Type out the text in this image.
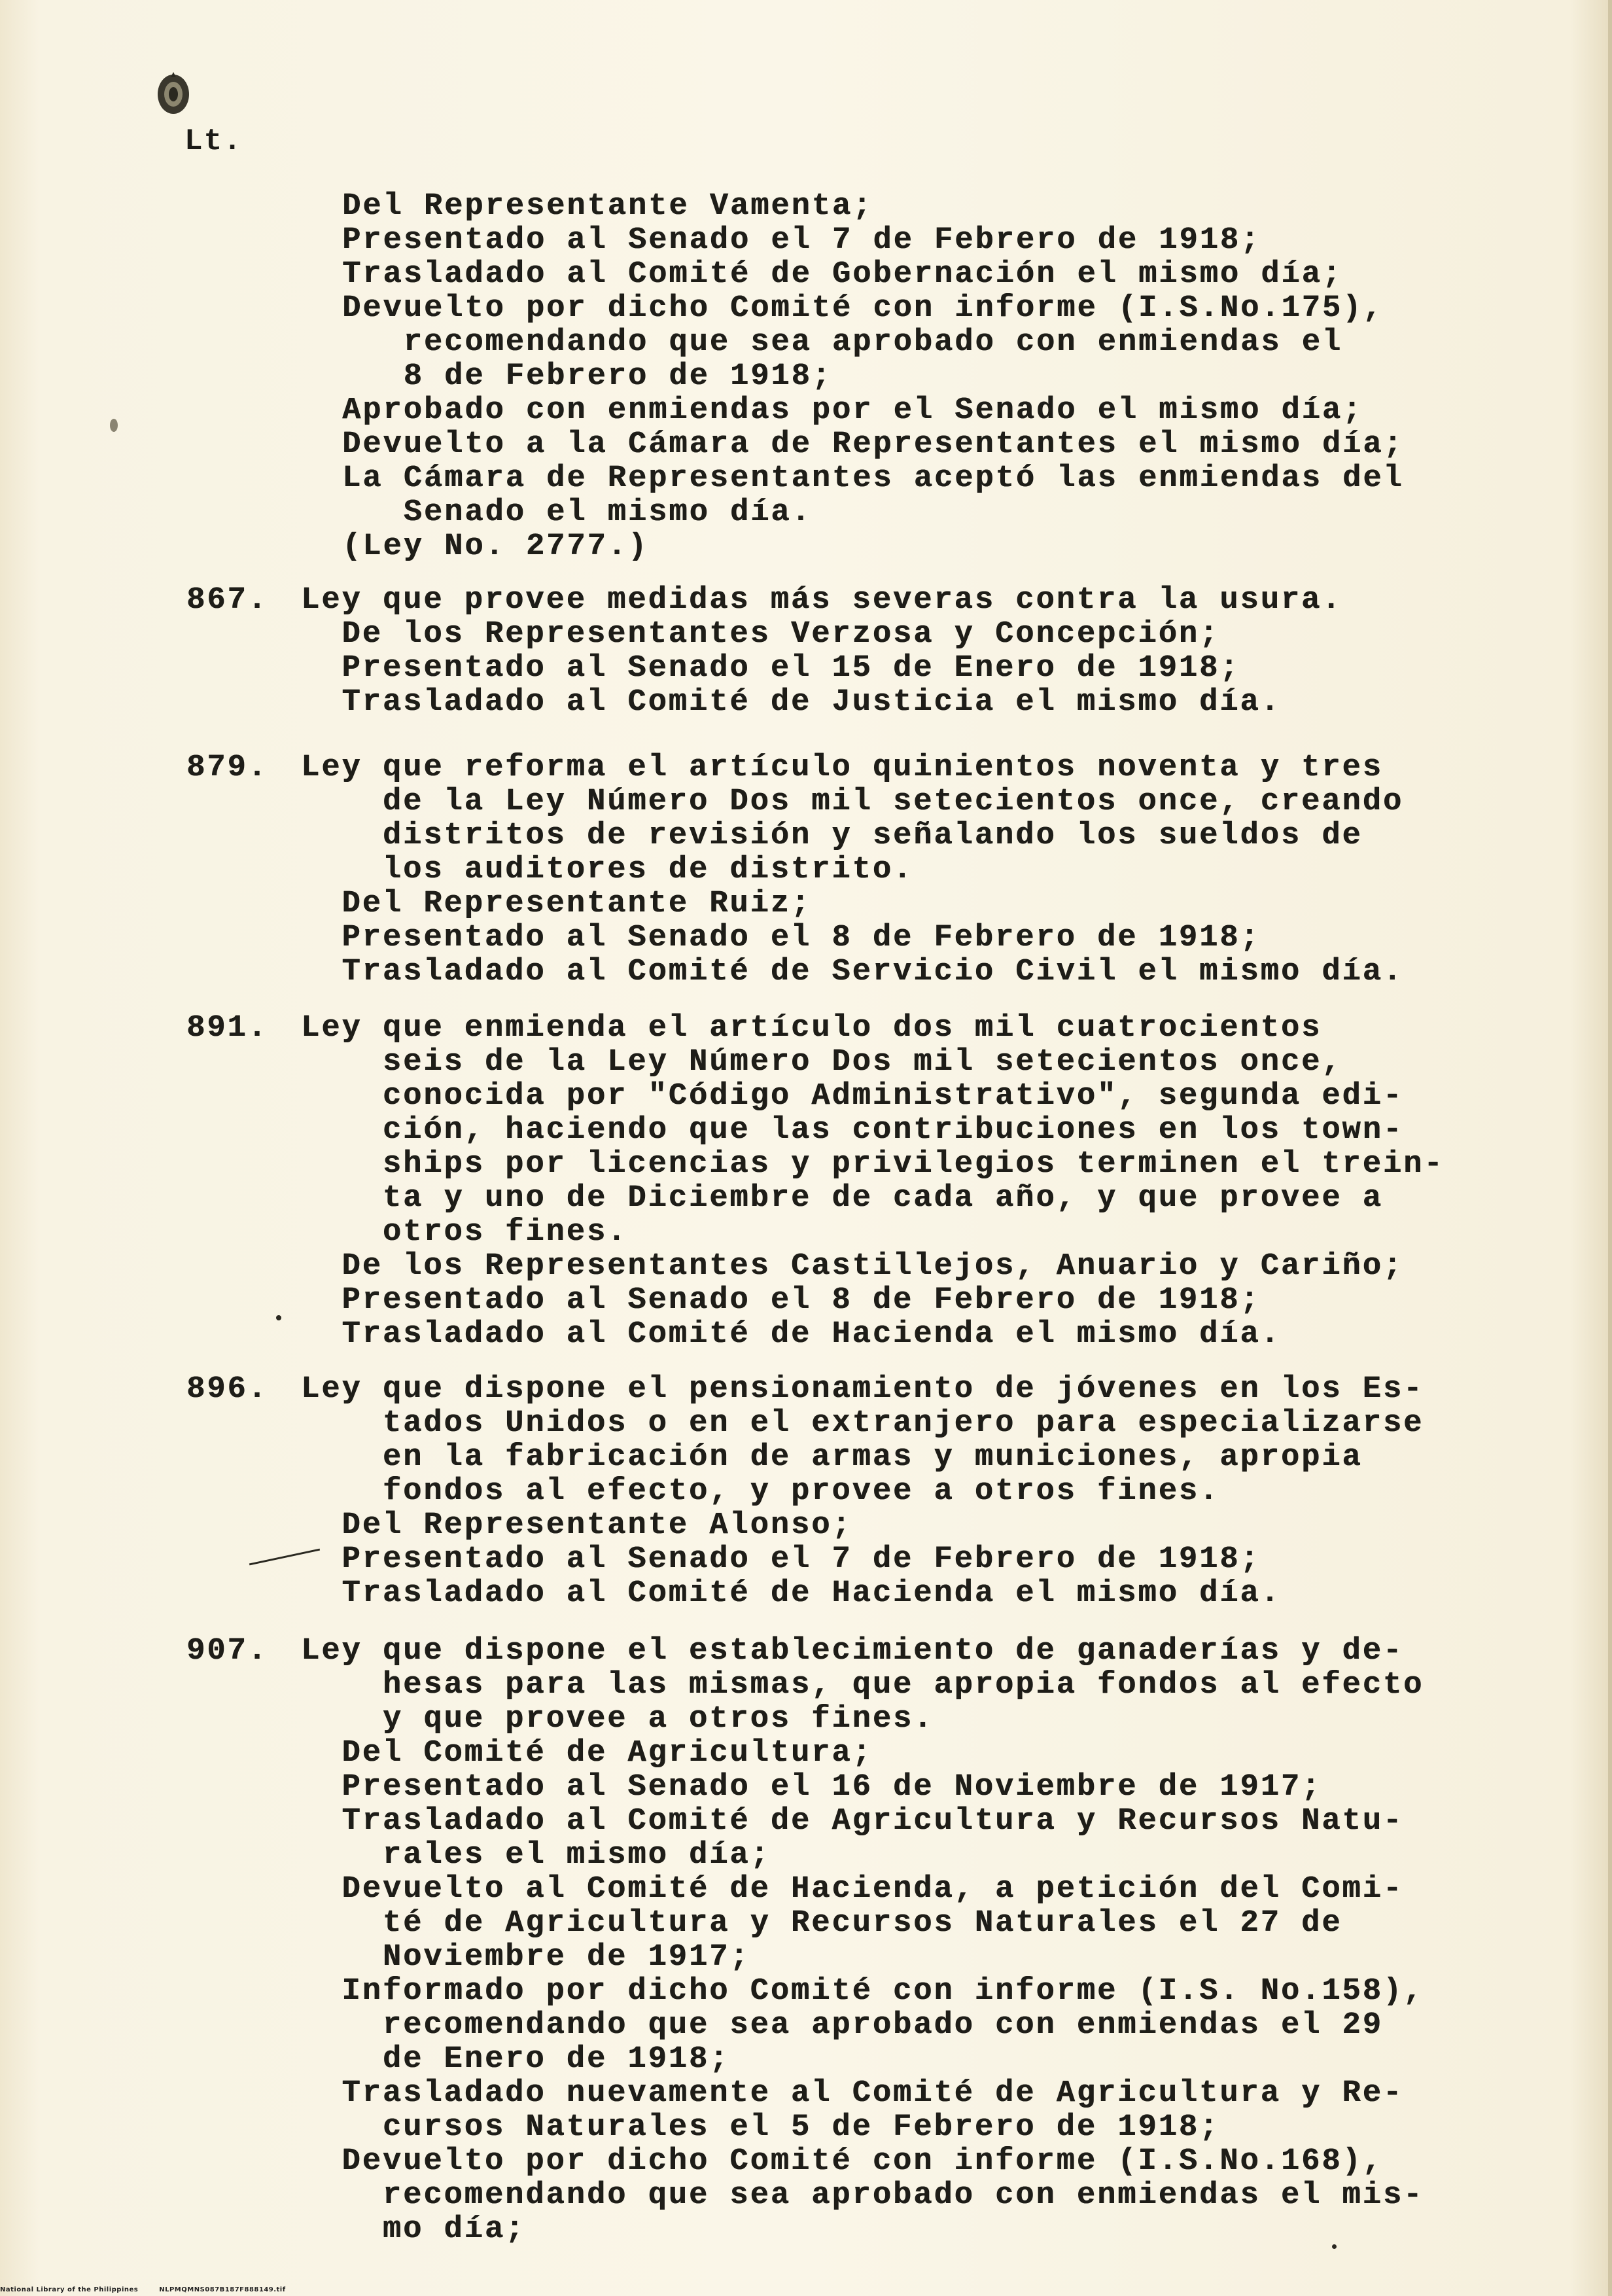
Lt.
Del Representante Vamenta;
Presentado al Senado el 7 de Febrero de 1918;
Trasladado al Comité de Gobernación el mismo día;
Devuelto por dicho Comité con informe (I.S.No.175),
recomendando que sea aprobado con enmiendas el
8 de Febrero de 1918;
Aprobado con enmiendas por el Senado el mismo día;
Devuelto a la Cámara de Representantes el mismo día;
La Cámara de Representantes aceptó las enmiendas del
Senado el mismo día.
(Ley No. 2777.)
867. Ley que provee medidas más severas contra la usura.
De los Representantes Verzosa y Concepción;
Presentado al Senado el 15 de Enero de 1918;
Trasladado al Comité de Justicia el mismo día.
879. Ley que reforma el artículo quinientos noventa y tres
de la Ley Número Dos mil setecientos once, creando
distritos de revisión y señalando los sueldos de
los auditores de distrito.
Del Representante Ruiz;
Presentado al Senado el 8 de Febrero de 1918;
Trasladado al Comité de Servicio Civil el mismo día.
891. Ley que enmienda el artículo dos mil cuatrocientos
seis de la Ley Número Dos mil setecientos once,
conocida por "Código Administrativo", segunda edi-
ción, haciendo que las contribuciones en los town-
ships por licencias y privilegios terminen el trein-
ta y uno de Diciembre de cada año, y que provee a
otros fines.
De los Representantes Castillejos, Anuario y Cariño;
Presentado al Senado el 8 de Febrero de 1918;
Trasladado al Comité de Hacienda el mismo día.
896. Ley que dispone el pensionamiento de jóvenes en los Es-
tados Unidos o en el extranjero para especializarse
en la fabricación de armas y municiones, apropia
fondos al efecto, y provee a otros fines.
Del Representante Alonso;
Presentado al Senado el 7 de Febrero de 1918;
Trasladado al Comité de Hacienda el mismo día.
907. Ley que dispone el establecimiento de ganaderías y de-
hesas para las mismas, que apropia fondos al efecto
y que provee a otros fines.
Del Comité de Agricultura;
Presentado al Senado el 16 de Noviembre de 1917;
Trasladado al Comité de Agricultura y Recursos Natu-
rales el mismo día;
Devuelto al Comité de Hacienda, a petición del Comi-
té de Agricultura y Recursos Naturales el 27 de
Noviembre de 1917;
Informado por dicho Comité con informe (I.S. No.158),
recomendando que sea aprobado con enmiendas el 29
de Enero de 1918;
Trasladado nuevamente al Comité de Agricultura y Re-
cursos Naturales el 5 de Febrero de 1918;
Devuelto por dicho Comité con informe (I.S.No.168),
recomendando que sea aprobado con enmiendas el mis-
mo día;
National Library of the Philippines	NLPMQMNS087B187F888149.tif
